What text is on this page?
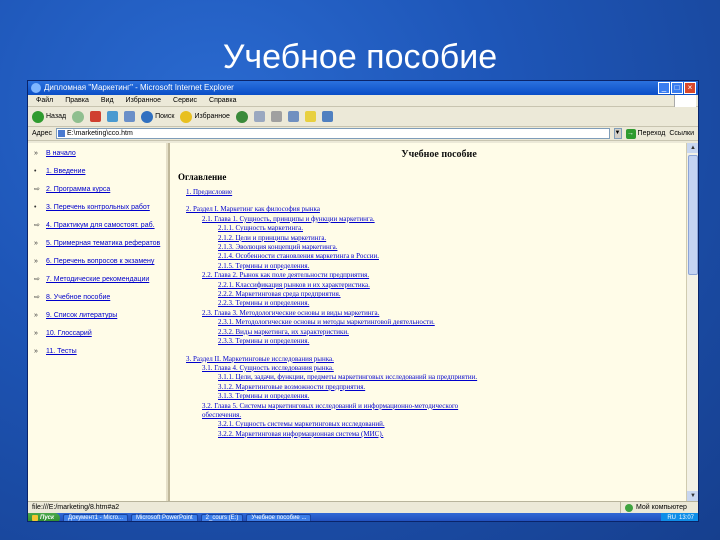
Учебное пособие
Дипломная "Маркетинг" - Microsoft Internet Explorer	_	□	×
Файл Правка Вид Избранное Сервис Справка
Назад	Поиск	Избранное
Адрес	E:\marketing\cco.htm	▼ → Переход Ссылки
»	В начало
•	1. Введение
⇨ 2. Программа курса
•	3. Перечень контрольных работ
⇨ 4. Практикум для самостоят. раб.
»	5. Примерная тематика рефератов
»	6. Перечень вопросов к экзамену
⇨ 7. Методические рекомендации
⇨ 8. Учебное пособие
»	9. Список литературы
»	10. Глоссарий
»	11. Тесты
Учебное пособие
Оглавление
1. Предисловие
2. Раздел I. Маркетинг как философия рынка
2.1. Глава 1. Сущность, принципы и функции маркетинга.
2.1.1. Сущность маркетинга.
2.1.2. Цели и принципы маркетинга.
2.1.3. Эволюция концепций маркетинга.
2.1.4. Особенности становления маркетинга в России.
2.1.5. Термины и определения.
2.2. Глава 2. Рынок как поле деятельности предприятия.
2.2.1. Классификация рынков и их характеристика.
2.2.2. Маркетинговая среда предприятия.
2.2.3. Термины и определения.
2.3. Глава 3. Методологические основы и виды маркетинга.
2.3.1. Методологические основы и методы маркетинговой деятельности.
2.3.2. Виды маркетинга, их характеристики.
2.3.3. Термины и определения.
3. Раздел II. Маркетинговые исследования рынка.
3.1. Глава 4. Сущность исследования рынка.
3.1.1. Цели, задачи, функции, предметы маркетинговых исследований на предприятии.
3.1.2. Маркетинговые возможности предприятия.
3.1.3. Термины и определения.
3.2. Глава 5. Системы маркетинговых исследований и информационно-методического
обеспечения.
3.2.1. Сущность системы маркетинговых исследований.
3.2.2. Маркетинговая информационная система (МИС).
▲
▼
file:///E:/marketing/8.htm#a2	Мой компьютер
Пуск	Документ1 - Micro...	Microsoft PowerPoint	2_cours (E:)	Учебное пособие ...	RU 13:07
